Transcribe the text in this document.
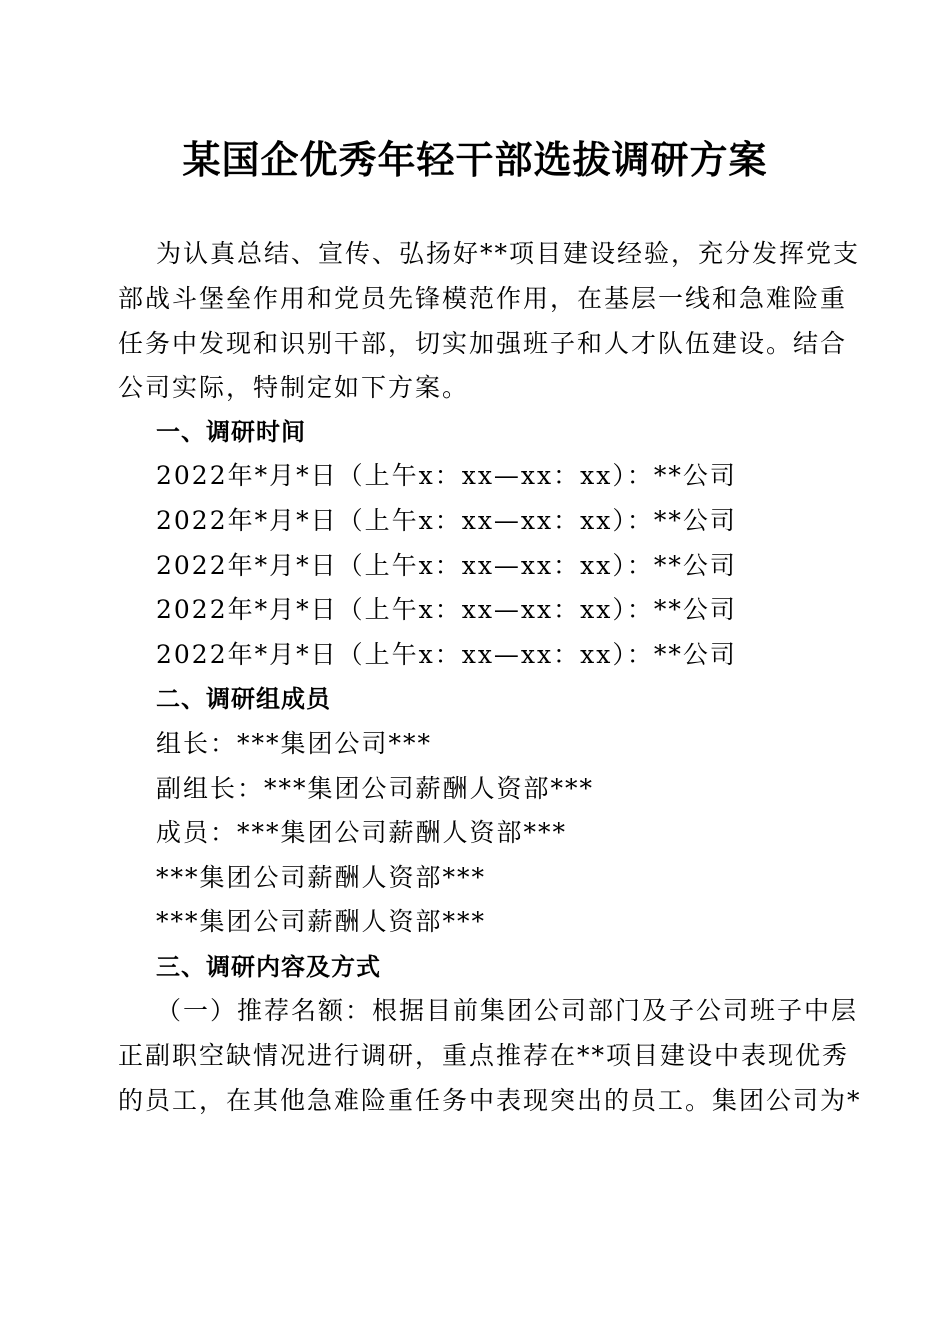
某国企优秀年轻干部选拔调研方案
为认真总结、宣传、弘扬好**项目建设经验，充分发挥党支
部战斗堡垒作用和党员先锋模范作用，在基层一线和急难险重
任务中发现和识别干部，切实加强班子和人才队伍建设。结合
公司实际，特制定如下方案。
一、调研时间
2022年*月*日（上午x：xx—xx：xx）：**公司
2022年*月*日（上午x：xx—xx：xx）：**公司
2022年*月*日（上午x：xx—xx：xx）：**公司
2022年*月*日（上午x：xx—xx：xx）：**公司
2022年*月*日（上午x：xx—xx：xx）：**公司
二、调研组成员
组长：***集团公司***
副组长：***集团公司薪酬人资部***
成员：***集团公司薪酬人资部***
***集团公司薪酬人资部***
***集团公司薪酬人资部***
三、调研内容及方式
（一）推荐名额：根据目前集团公司部门及子公司班子中层
正副职空缺情况进行调研，重点推荐在**项目建设中表现优秀
的员工，在其他急难险重任务中表现突出的员工。集团公司为*
